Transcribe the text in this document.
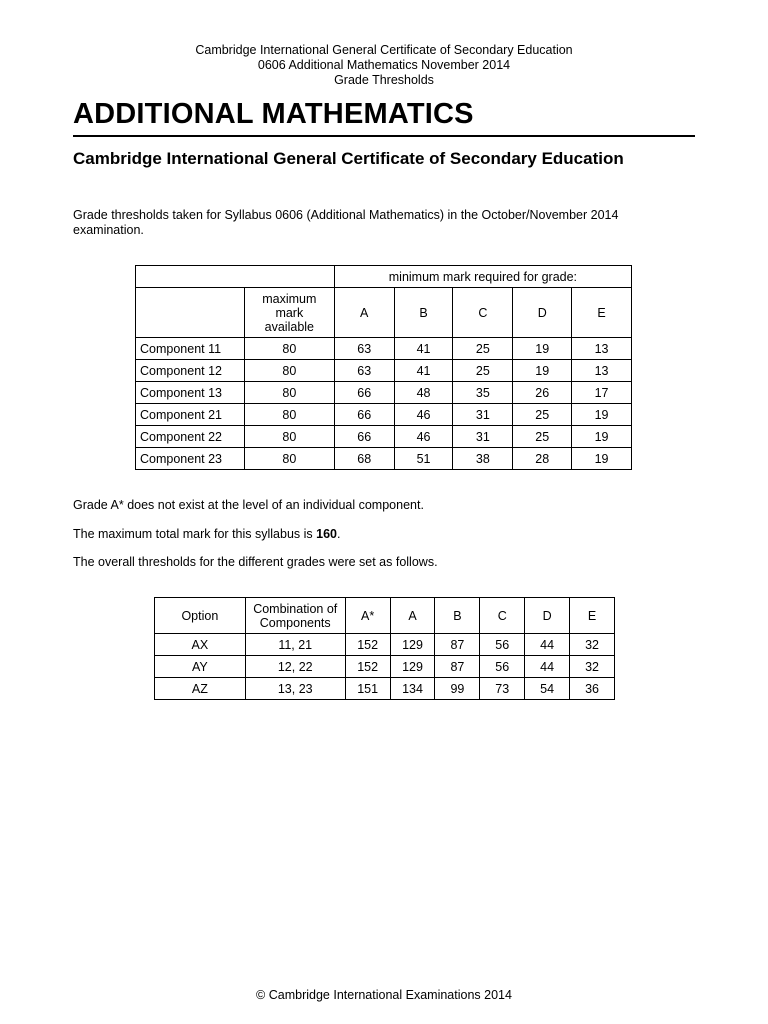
Cambridge International General Certificate of Secondary Education
0606 Additional Mathematics November 2014
Grade Thresholds
ADDITIONAL MATHEMATICS
Cambridge International General Certificate of Secondary Education
Grade thresholds taken for Syllabus 0606 (Additional Mathematics) in the October/November 2014 examination.
		minimum mark required for grade:				
	maximum mark available	A	B	C	D	E
Component 11	80	63	41	25	19	13
Component 12	80	63	41	25	19	13
Component 13	80	66	48	35	26	17
Component 21	80	66	46	31	25	19
Component 22	80	66	46	31	25	19
Component 23	80	68	51	38	28	19
Grade A* does not exist at the level of an individual component.
The maximum total mark for this syllabus is 160.
The overall thresholds for the different grades were set as follows.
Option	Combination of Components	A*	A	B	C	D	E
AX	11, 21	152	129	87	56	44	32
AY	12, 22	152	129	87	56	44	32
AZ	13, 23	151	134	99	73	54	36
© Cambridge International Examinations 2014
